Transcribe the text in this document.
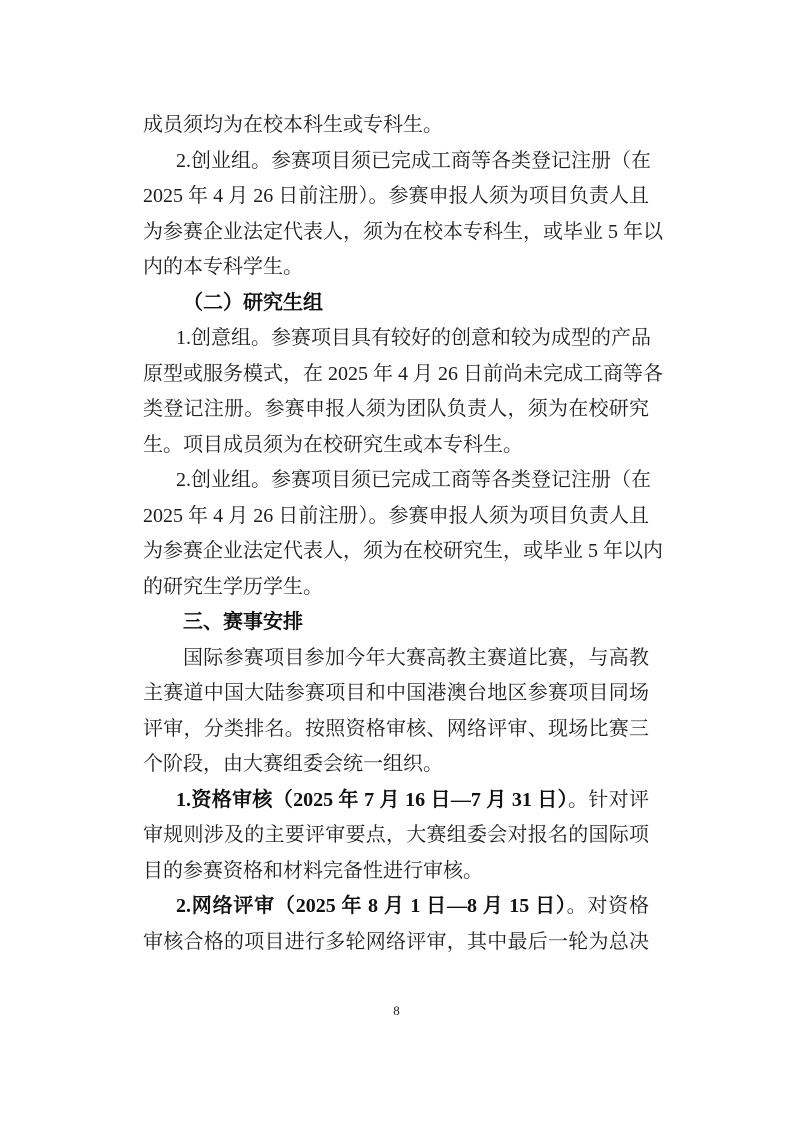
成员须均为在校本科生或专科生。
2.创业组。参赛项目须已完成工商等各类登记注册（在
2025 年 4 月 26 日前注册）。参赛申报人须为项目负责人且
为参赛企业法定代表人，须为在校本专科生，或毕业 5 年以
内的本专科学生。
（二）研究生组
1.创意组。参赛项目具有较好的创意和较为成型的产品
原型或服务模式，在 2025 年 4 月 26 日前尚未完成工商等各
类登记注册。参赛申报人须为团队负责人，须为在校研究
生。项目成员须为在校研究生或本专科生。
2.创业组。参赛项目须已完成工商等各类登记注册（在
2025 年 4 月 26 日前注册）。参赛申报人须为项目负责人且
为参赛企业法定代表人，须为在校研究生，或毕业 5 年以内
的研究生学历学生。
三、赛事安排
国际参赛项目参加今年大赛高教主赛道比赛，与高教
主赛道中国大陆参赛项目和中国港澳台地区参赛项目同场
评审，分类排名。按照资格审核、网络评审、现场比赛三
个阶段，由大赛组委会统一组织。
1.资格审核（2025 年 7 月 16 日—7 月 31 日）。针对评
审规则涉及的主要评审要点，大赛组委会对报名的国际项
目的参赛资格和材料完备性进行审核。
2.网络评审（2025 年 8 月 1 日—8 月 15 日）。对资格
审核合格的项目进行多轮网络评审，其中最后一轮为总决
8
